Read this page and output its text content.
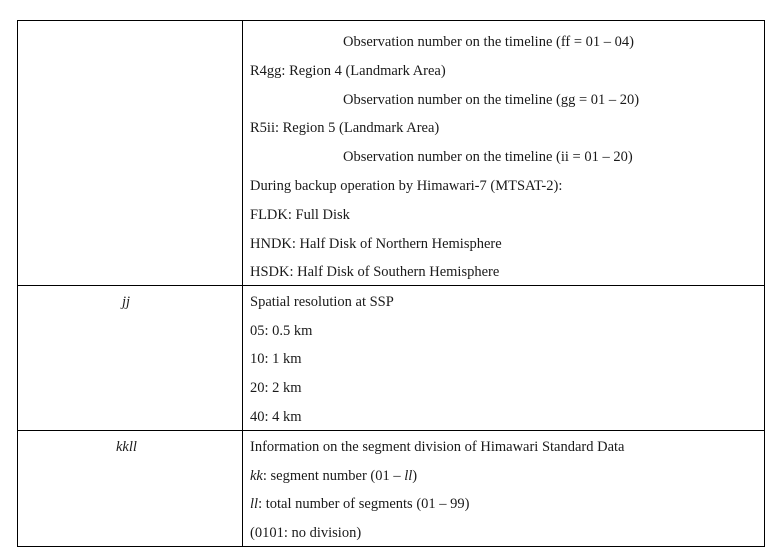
Observation number on the timeline (ff = 01 – 04)
R4gg: Region 4 (Landmark Area)
Observation number on the timeline (gg = 01 – 20)
R5ii: Region 5 (Landmark Area)
Observation number on the timeline (ii = 01 – 20)
During backup operation by Himawari-7 (MTSAT-2):
FLDK: Full Disk
HNDK: Half Disk of Northern Hemisphere
HSDK: Half Disk of Southern Hemisphere
jj	Spatial resolution at SSP
05: 0.5 km
10: 1 km
20: 2 km
40: 4 km
kkll	Information on the segment division of Himawari Standard Data
kk: segment number (01 – ll)
ll: total number of segments (01 – 99)
(0101: no division)
